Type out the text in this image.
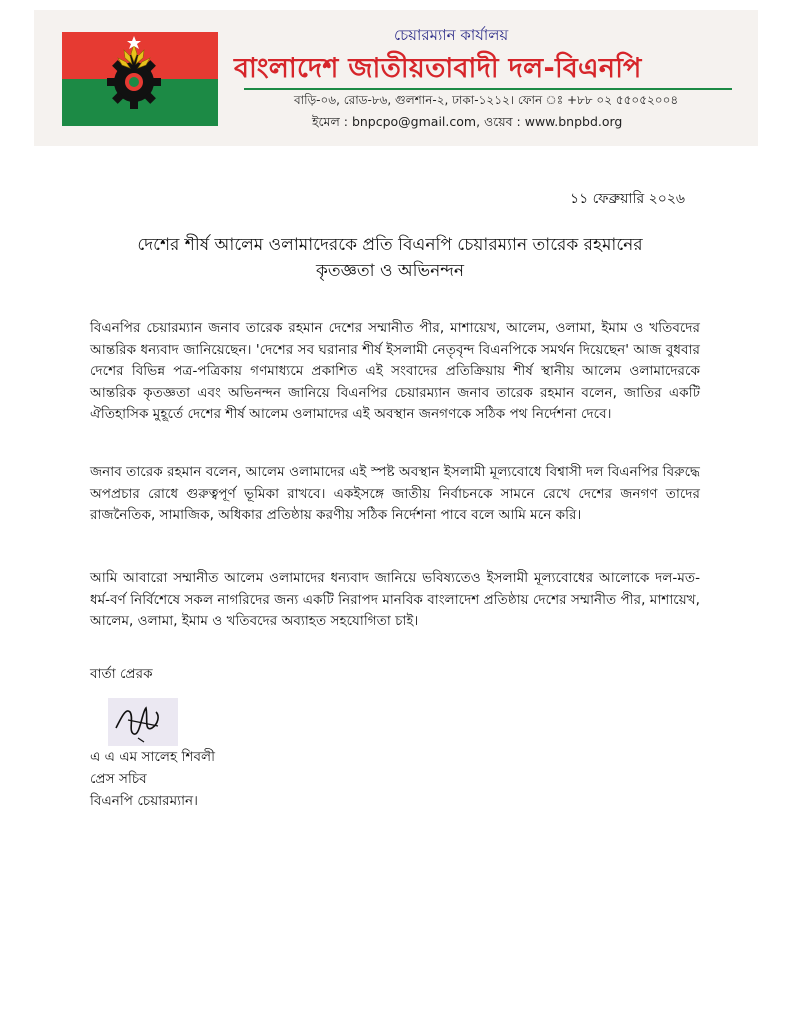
চেয়ারম্যান কার্যালয়
বাংলাদেশ জাতীয়তাবাদী দল-বিএনপি
বাড়ি-০৬, রোড-৮৬, গুলশান-২, ঢাকা-১২১২। ফোন ঃ +৮৮ ০২ ৫৫০৫২০০৪
ইমেল : bnpcpo@gmail.com, ওয়েব : www.bnpbd.org
১১ ফেব্রুয়ারি ২০২৬
দেশের শীর্ষ আলেম ওলামাদেরকে প্রতি বিএনপি চেয়ারম্যান তারেক রহমানের
কৃতজ্ঞতা ও অভিনন্দন

বিএনপির চেয়ারম্যান জনাব তারেক রহমান দেশের সম্মানীত পীর, মাশায়েখ, আলেম, ওলামা, ইমাম ও খতিবদের আন্তরিক ধন্যবাদ জানিয়েছেন। 'দেশের সব ঘরানার শীর্ষ ইসলামী নেতৃবৃন্দ বিএনপিকে সমর্থন দিয়েছেন' আজ বুধবার দেশের বিভিন্ন পত্র-পত্রিকায় গণমাধ্যমে প্রকাশিত এই সংবাদের প্রতিক্রিয়ায় শীর্ষ স্থানীয় আলেম ওলামাদেরকে আন্তরিক কৃতজ্ঞতা এবং অভিনন্দন জানিয়ে বিএনপির চেয়ারম্যান জনাব তারেক রহমান বলেন, জাতির একটি ঐতিহাসিক মুহূর্তে দেশের শীর্ষ আলেম ওলামাদের এই অবস্থান জনগণকে সঠিক পথ নির্দেশনা দেবে।

জনাব তারেক রহমান বলেন, আলেম ওলামাদের এই স্পষ্ট অবস্থান ইসলামী মূল্যবোধে বিশ্বাসী দল বিএনপির বিরুদ্ধে অপপ্রচার রোধে গুরুত্বপূর্ণ ভূমিকা রাখবে। একইসঙ্গে জাতীয় নির্বাচনকে সামনে রেখে দেশের জনগণ তাদের রাজনৈতিক, সামাজিক, অধিকার প্রতিষ্ঠায় করণীয় সঠিক নির্দেশনা পাবে বলে আমি মনে করি।

আমি আবারো সম্মানীত আলেম ওলামাদের ধন্যবাদ জানিয়ে ভবিষ্যতেও ইসলামী মূল্যবোধের আলোকে দল-মত-ধর্ম-বর্ণ নির্বিশেষে সকল নাগরিদের জন্য একটি নিরাপদ মানবিক বাংলাদেশ প্রতিষ্ঠায় দেশের সম্মানীত পীর, মাশায়েখ, আলেম, ওলামা, ইমাম ও খতিবদের অব্যাহত সহযোগিতা চাই।

বার্তা প্রেরক
এ এ এম সালেহ শিবলী
প্রেস সচিব
বিএনপি চেয়ারম্যান।
